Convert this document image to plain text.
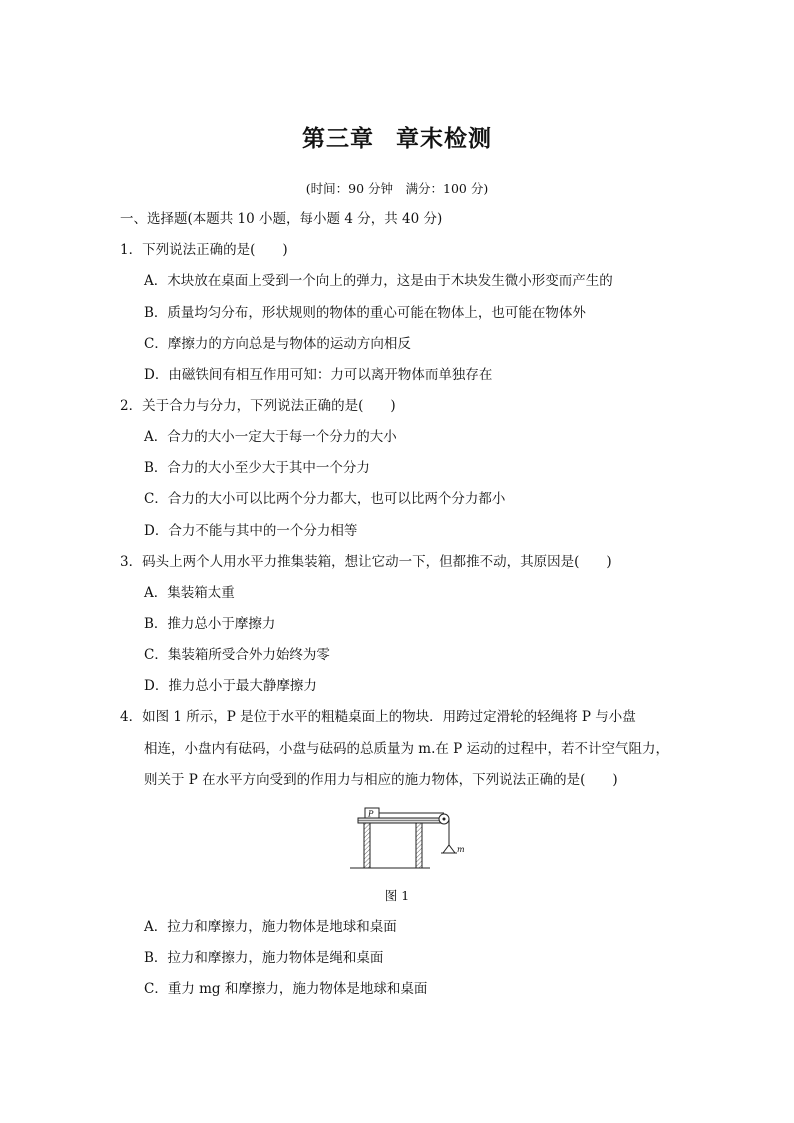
第三章 章末检测
(时间：90 分钟　满分：100 分)
一、选择题(本题共 10 小题，每小题 4 分，共 40 分)
1．下列说法正确的是(　　)
A．木块放在桌面上受到一个向上的弹力，这是由于木块发生微小形变而产生的
B．质量均匀分布，形状规则的物体的重心可能在物体上，也可能在物体外
C．摩擦力的方向总是与物体的运动方向相反
D．由磁铁间有相互作用可知：力可以离开物体而单独存在
2．关于合力与分力，下列说法正确的是(　　)
A．合力的大小一定大于每一个分力的大小
B．合力的大小至少大于其中一个分力
C．合力的大小可以比两个分力都大，也可以比两个分力都小
D．合力不能与其中的一个分力相等
3．码头上两个人用水平力推集装箱，想让它动一下，但都推不动，其原因是(　　)
A．集装箱太重
B．推力总小于摩擦力
C．集装箱所受合外力始终为零
D．推力总小于最大静摩擦力
4．如图 1 所示，P 是位于水平的粗糙桌面上的物块．用跨过定滑轮的轻绳将 P 与小盘
相连，小盘内有砝码，小盘与砝码的总质量为 m.在 P 运动的过程中，若不计空气阻力，
则关于 P 在水平方向受到的作用力与相应的施力物体，下列说法正确的是(　　)
P
m
图 1
A．拉力和摩擦力，施力物体是地球和桌面
B．拉力和摩擦力，施力物体是绳和桌面
C．重力 mg 和摩擦力，施力物体是地球和桌面
